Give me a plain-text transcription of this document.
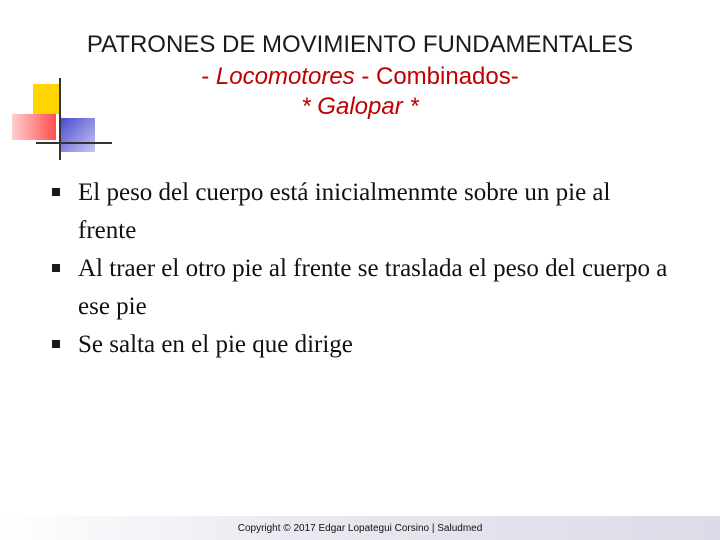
PATRONES DE MOVIMIENTO FUNDAMENTALES
- Locomotores - Combinados-
* Galopar *
El peso del cuerpo está inicialmenmte sobre un pie al frente
Al traer el otro pie al frente se traslada el peso del cuerpo a ese pie
Se salta en el pie que dirige
Copyright © 2017 Edgar Lopategui Corsino | Saludmed
